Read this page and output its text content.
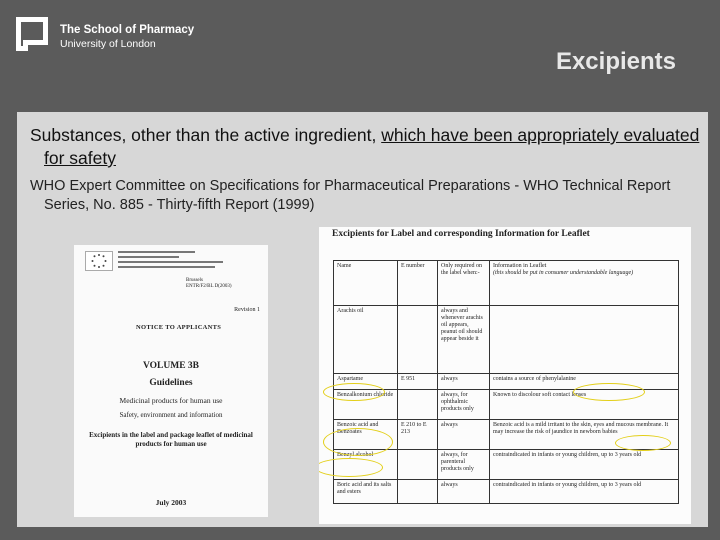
The School of Pharmacy
University of London
Excipients

Substances, other than the active ingredient, which have been appropriately evaluated for safety

WHO Expert Committee on Specifications for Pharmaceutical Preparations - WHO Technical Report Series, No. 885 - Thirty-fifth Report (1999)

Brussels
ENTR/F2/BL D(2003)
Revision 1
NOTICE TO APPLICANTS
VOLUME 3B
Guidelines
Medicinal products for human use
Safety, environment and information
Excipients in the label and package leaflet of medicinal products for human use
July 2003
Excipients for Label and corresponding Information for Leaflet
Name	E number	Only required on the label when:-	Information in Leaflet
(this should be put in consumer understandable language)

Arachis oil		always and whenever arachis oil appears, peanut oil should appear beside it	
Aspartame	E 951	always	contains a source of phenylalanine
Benzalkonium chloride		always, for ophthalmic products only	Known to discolour soft contact lenses
Benzoic acid and Benzoates	E 210 to E 213	always	Benzoic acid is a mild irritant to the skin, eyes and mucous membrane. It may increase the risk of jaundice in newborn babies
Benzyl alcohol		always, for parenteral products only	contraindicated in infants or young children, up to 3 years old
Boric acid and its salts and esters		always	contraindicated in infants or young children, up to 3 years old
